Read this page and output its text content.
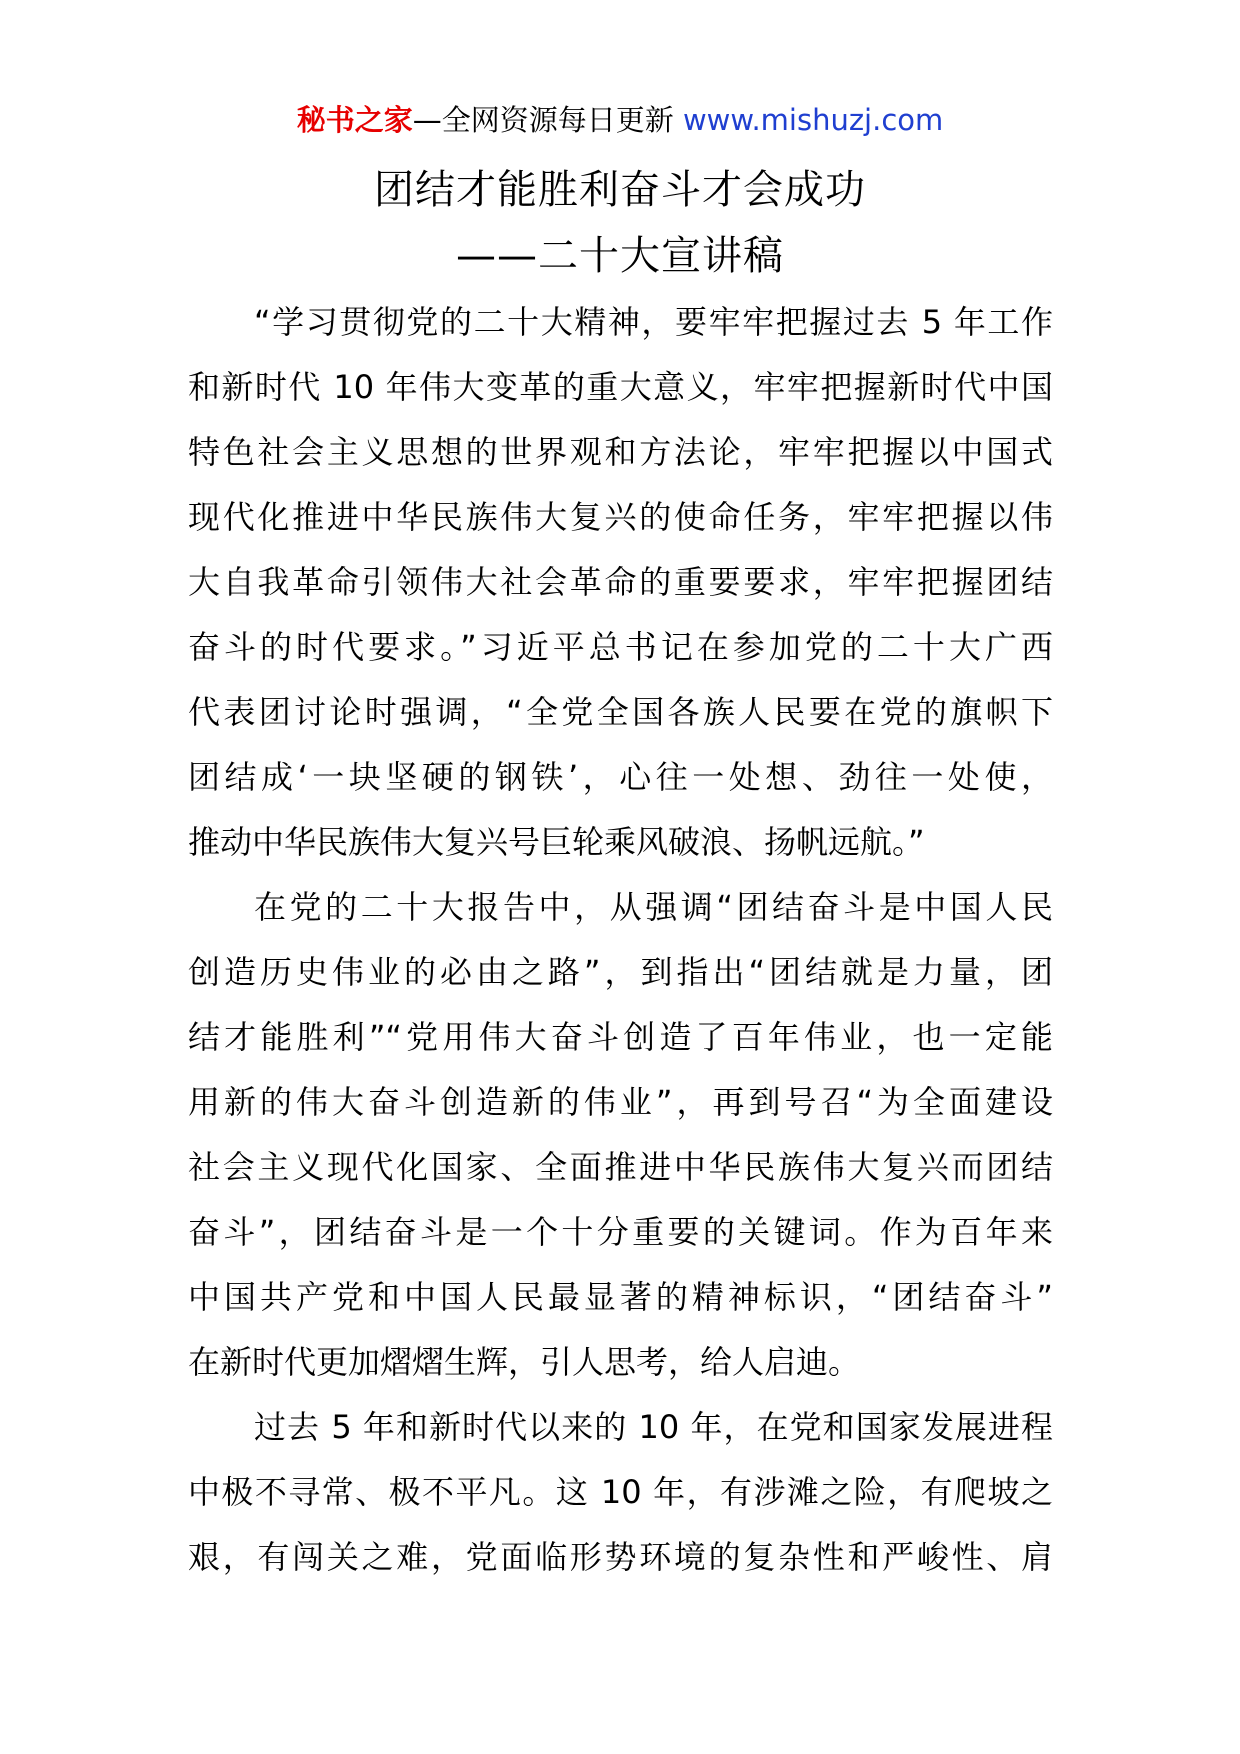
秘书之家—全网资源每日更新 www.mishuzj.com
团结才能胜利奋斗才会成功
——二十大宣讲稿
“学习贯彻党的二十大精神，要牢牢把握过去 5 年工作
和新时代 10 年伟大变革的重大意义，牢牢把握新时代中国
特色社会主义思想的世界观和方法论，牢牢把握以中国式
现代化推进中华民族伟大复兴的使命任务，牢牢把握以伟
大自我革命引领伟大社会革命的重要要求，牢牢把握团结
奋斗的时代要求。”习近平总书记在参加党的二十大广西
代表团讨论时强调，“全党全国各族人民要在党的旗帜下
团结成‘一块坚硬的钢铁’，心往一处想、劲往一处使，
推动中华民族伟大复兴号巨轮乘风破浪、扬帆远航。”
在党的二十大报告中，从强调“团结奋斗是中国人民
创造历史伟业的必由之路”，到指出“团结就是力量，团
结才能胜利”“党用伟大奋斗创造了百年伟业，也一定能
用新的伟大奋斗创造新的伟业”，再到号召“为全面建设
社会主义现代化国家、全面推进中华民族伟大复兴而团结
奋斗”，团结奋斗是一个十分重要的关键词。作为百年来
中国共产党和中国人民最显著的精神标识，“团结奋斗”
在新时代更加熠熠生辉，引人思考，给人启迪。
过去 5 年和新时代以来的 10 年，在党和国家发展进程
中极不寻常、极不平凡。这 10 年，有涉滩之险，有爬坡之
艰，有闯关之难，党面临形势环境的复杂性和严峻性、肩
